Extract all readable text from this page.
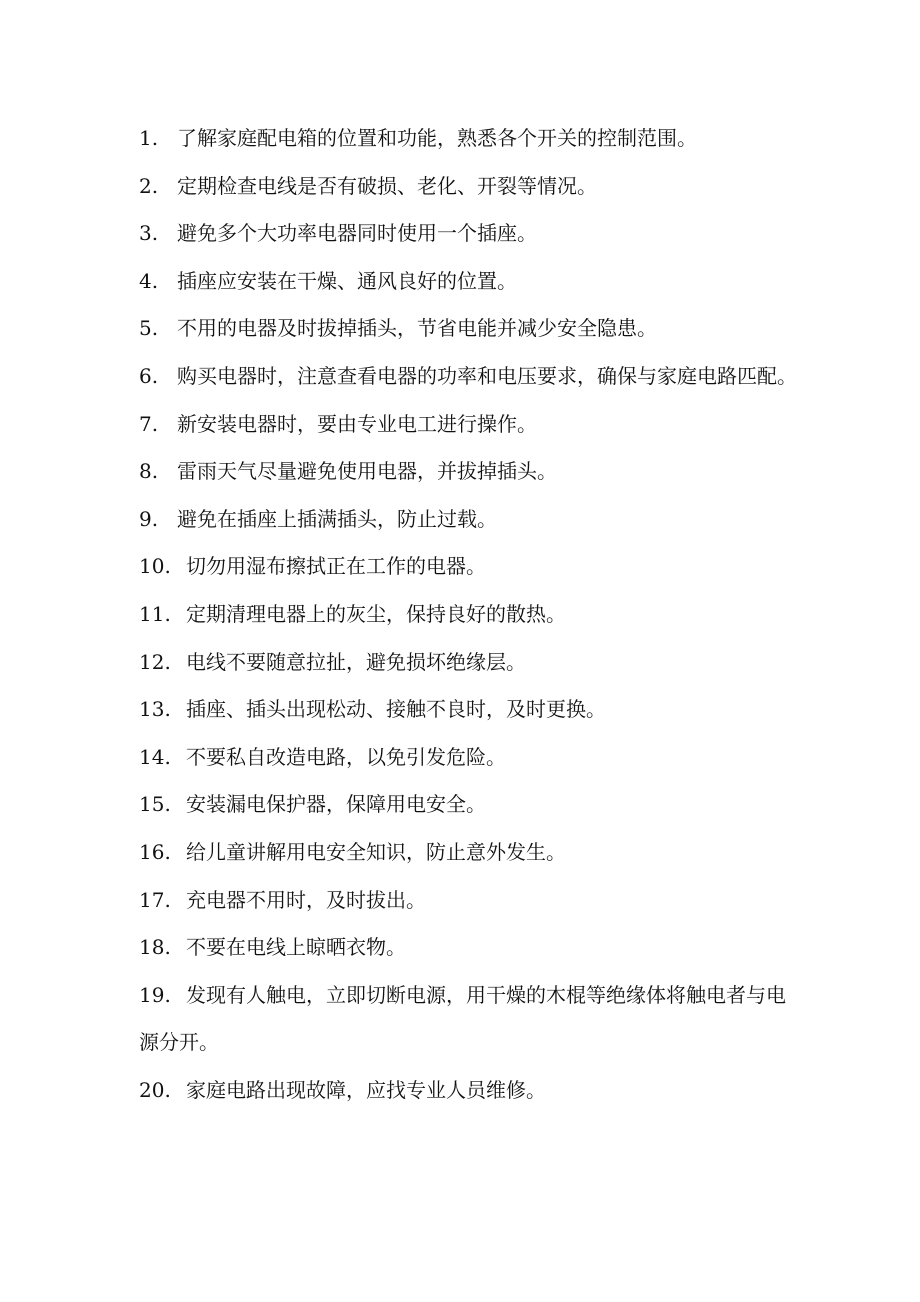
1. 了解家庭配电箱的位置和功能，熟悉各个开关的控制范围。

2. 定期检查电线是否有破损、老化、开裂等情况。

3. 避免多个大功率电器同时使用一个插座。

4. 插座应安装在干燥、通风良好的位置。

5. 不用的电器及时拔掉插头，节省电能并减少安全隐患。

6. 购买电器时，注意查看电器的功率和电压要求，确保与家庭电路匹配。

7. 新安装电器时，要由专业电工进行操作。

8. 雷雨天气尽量避免使用电器，并拔掉插头。

9. 避免在插座上插满插头，防止过载。

10. 切勿用湿布擦拭正在工作的电器。

11. 定期清理电器上的灰尘，保持良好的散热。

12. 电线不要随意拉扯，避免损坏绝缘层。

13. 插座、插头出现松动、接触不良时，及时更换。

14. 不要私自改造电路，以免引发危险。

15. 安装漏电保护器，保障用电安全。

16. 给儿童讲解用电安全知识，防止意外发生。

17. 充电器不用时，及时拔出。

18. 不要在电线上晾晒衣物。

19. 发现有人触电，立即切断电源，用干燥的木棍等绝缘体将触电者与电源分开。

20. 家庭电路出现故障，应找专业人员维修。
